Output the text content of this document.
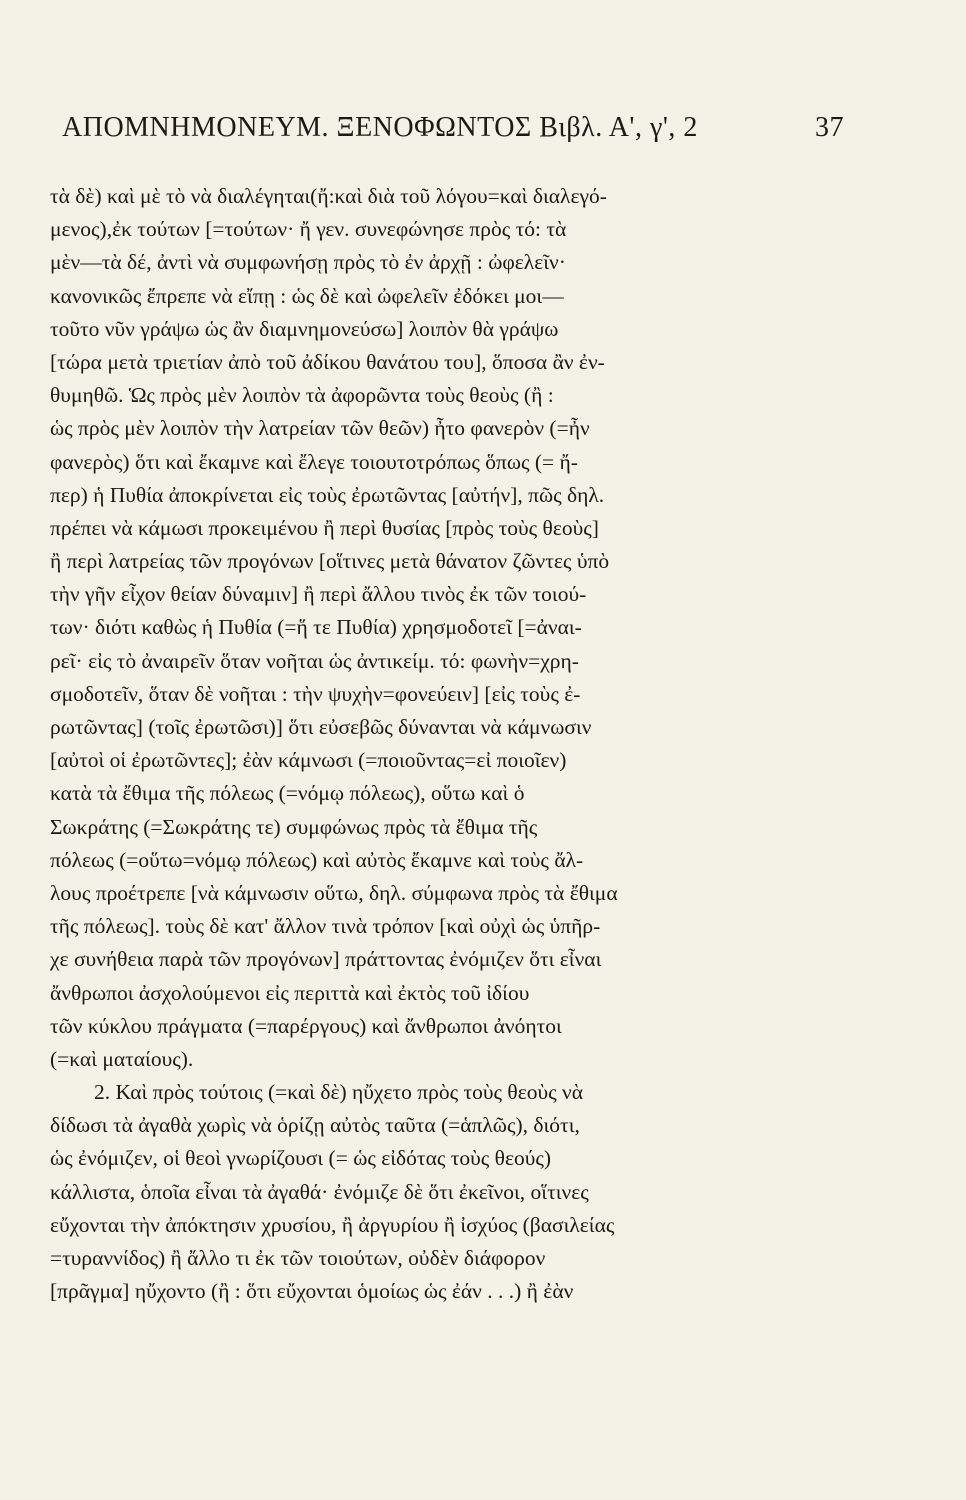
ΑΠΟΜΝΗΜΟΝΕΥΜ. ΞΕΝΟΦΩΝΤΟΣ Βιβλ. Α', γ', 2	37
τὰ δὲ) καὶ μὲ τὸ νὰ διαλέγηται(ἤ:καὶ διὰ τοῦ λόγου=καὶ διαλεγό-
μενος),ἐκ τούτων [=τούτων· ἤ γεν. συνεφώνησε πρὸς τό: τὰ
μὲν—τὰ δέ, ἀντὶ νὰ συμφωνήσῃ πρὸς τὸ ἐν ἀρχῇ : ὠφελεῖν·
κανονικῶς ἔπρεπε νὰ εἴπῃ : ὡς δὲ καὶ ὠφελεῖν ἐδόκει μοι—
τοῦτο νῦν γράψω ὡς ἂν διαμνημονεύσω] λοιπὸν θὰ γράψω
[τώρα μετὰ τριετίαν ἀπὸ τοῦ ἀδίκου θανάτου του], ὅποσα ἂν ἐν-
θυμηθῶ. Ὡς πρὸς μὲν λοιπὸν τὰ ἀφορῶντα τοὺς θεοὺς (ἢ :
ὡς πρὸς μὲν λοιπὸν τὴν λατρείαν τῶν θεῶν) ἦτο φανερὸν (=ἦν
φανερὸς) ὅτι καὶ ἔκαμνε καὶ ἔλεγε τοιουτοτρόπως ὅπως (= ἤ-
περ) ἡ Πυθία ἀποκρίνεται εἰς τοὺς ἐρωτῶντας [αὐτήν], πῶς δηλ.
πρέπει νὰ κάμωσι προκειμένου ἢ περὶ θυσίας [πρὸς τοὺς θεοὺς]
ἢ περὶ λατρείας τῶν προγόνων [οἵτινες μετὰ θάνατον ζῶντες ὑπὸ
τὴν γῆν εἶχον θείαν δύναμιν] ἢ περὶ ἄλλου τινὸς ἐκ τῶν τοιού-
των· διότι καθὼς ἡ Πυθία (=ἥ τε Πυθία) χρησμοδοτεῖ [=ἀναι-
ρεῖ· εἰς τὸ ἀναιρεῖν ὅταν νοῆται ὡς ἀντικείμ. τό: φωνὴν=χρη-
σμοδοτεῖν, ὅταν δὲ νοῆται : τὴν ψυχὴν=φονεύειν] [εἰς τοὺς ἐ-
ρωτῶντας] (τοῖς ἐρωτῶσι)] ὅτι εὐσεβῶς δύνανται νὰ κάμνωσιν
[αὐτοὶ οἱ ἐρωτῶντες]; ἐὰν κάμνωσι (=ποιοῦντας=εἰ ποιοῖεν)
κατὰ τὰ ἔθιμα τῆς πόλεως (=νόμῳ πόλεως), οὕτω καὶ ὁ
Σωκράτης (=Σωκράτης τε) συμφώνως πρὸς τὰ ἔθιμα τῆς
πόλεως (=οὕτω=νόμῳ πόλεως) καὶ αὐτὸς ἔκαμνε καὶ τοὺς ἄλ-
λους προέτρεπε [νὰ κάμνωσιν οὕτω, δηλ. σύμφωνα πρὸς τὰ ἔθιμα
τῆς πόλεως]. τοὺς δὲ κατ' ἄλλον τινὰ τρόπον [καὶ οὐχὶ ὡς ὑπῆρ-
χε συνήθεια παρὰ τῶν προγόνων] πράττοντας ἐνόμιζεν ὅτι εἶναι
ἄνθρωποι ἀσχολούμενοι εἰς περιττὰ καὶ ἐκτὸς τοῦ ἰδίου
τῶν κύκλου πράγματα (=παρέργους) καὶ ἄνθρωποι ἀνόητοι
(=καὶ ματαίους).
2. Καὶ πρὸς τούτοις (=καὶ δὲ) ηὔχετο πρὸς τοὺς θεοὺς νὰ
δίδωσι τὰ ἀγαθὰ χωρὶς νὰ ὁρίζῃ αὐτὸς ταῦτα (=ἁπλῶς), διότι,
ὡς ἐνόμιζεν, οἱ θεοὶ γνωρίζουσι (= ὡς εἰδότας τοὺς θεούς)
κάλλιστα, ὁποῖα εἶναι τὰ ἀγαθά· ἐνόμιζε δὲ ὅτι ἐκεῖνοι, οἵτινες
εὔχονται τὴν ἀπόκτησιν χρυσίου, ἢ ἀργυρίου ἢ ἰσχύος (βασιλείας
=τυραννίδος) ἢ ἄλλο τι ἐκ τῶν τοιούτων, οὐδὲν διάφορον
[πρᾶγμα] ηὔχοντο (ἢ : ὅτι εὔχονται ὁμοίως ὡς ἐάν . . .) ἢ ἐὰν
